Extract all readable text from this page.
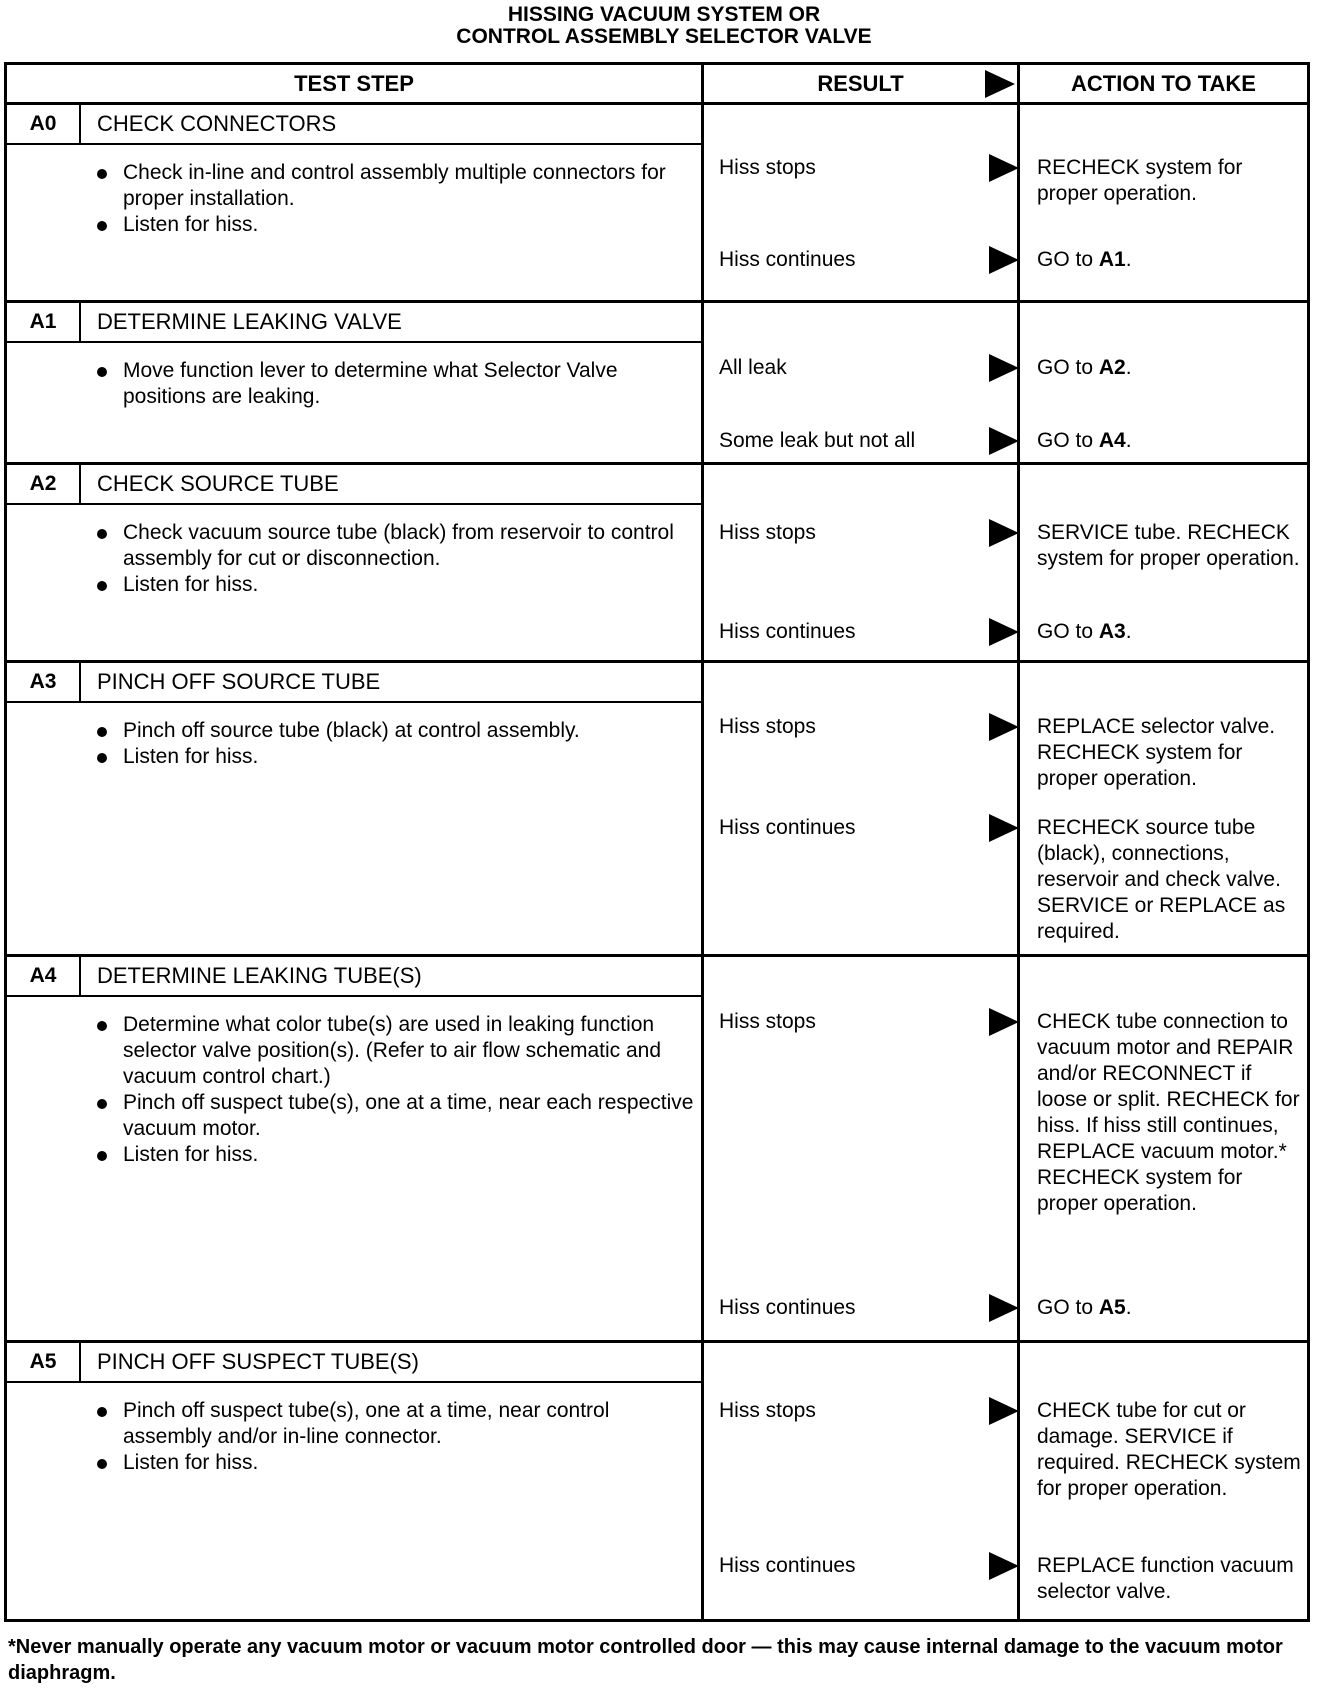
HISSING VACUUM SYSTEM OR
CONTROL ASSEMBLY SELECTOR VALVE
TEST STEP	RESULT	ACTION TO TAKE
A0	CHECK CONNECTORS
Check in-line and control assembly multiple connectors for proper installation.
Listen for hiss.
Hiss stops	RECHECK system for proper operation.
Hiss continues	GO to A1.
A1	DETERMINE LEAKING VALVE
Move function lever to determine what Selector Valve positions are leaking.
All leak	GO to A2.
Some leak but not all	GO to A4.
A2	CHECK SOURCE TUBE
Check vacuum source tube (black) from reservoir to control assembly for cut or disconnection.
Listen for hiss.
Hiss stops	SERVICE tube. RECHECK system for proper operation.
Hiss continues	GO to A3.
A3	PINCH OFF SOURCE TUBE
Pinch off source tube (black) at control assembly.
Listen for hiss.
Hiss stops	REPLACE selector valve. RECHECK system for proper operation.
Hiss continues	RECHECK source tube (black), connections, reservoir and check valve. SERVICE or REPLACE as required.
A4	DETERMINE LEAKING TUBE(S)
Determine what color tube(s) are used in leaking function selector valve position(s). (Refer to air flow schematic and vacuum control chart.)
Pinch off suspect tube(s), one at a time, near each respective vacuum motor.
Listen for hiss.
Hiss stops	CHECK tube connection to vacuum motor and REPAIR and/or RECONNECT if loose or split. RECHECK for hiss. If hiss still continues, REPLACE vacuum motor.* RECHECK system for proper operation.
Hiss continues	GO to A5.
A5	PINCH OFF SUSPECT TUBE(S)
Pinch off suspect tube(s), one at a time, near control assembly and/or in-line connector.
Listen for hiss.
Hiss stops	CHECK tube for cut or damage. SERVICE if required. RECHECK system for proper operation.
Hiss continues	REPLACE function vacuum selector valve.
*Never manually operate any vacuum motor or vacuum motor controlled door — this may cause internal damage to the vacuum motor diaphragm.
